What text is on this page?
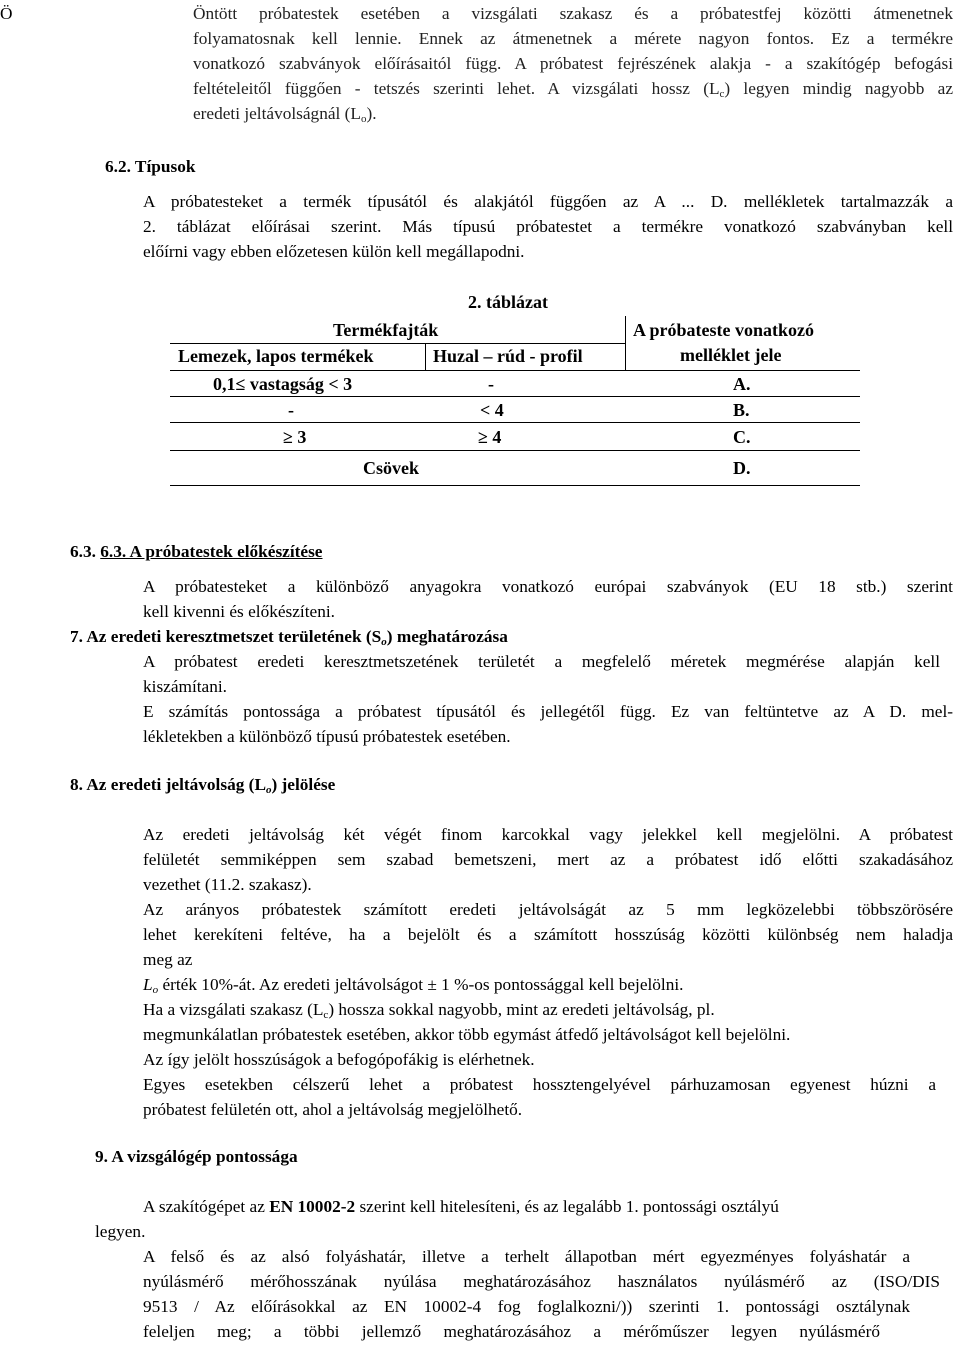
Ö	Öntött próbatestek esetében a vizsgálati szakasz és a próbatestfej közötti átmenetnek
folyamatosnak kell lennie. Ennek az átmenetnek a mérete nagyon fontos. Ez a termékre
vonatkozó szabványok előírásaitól függ. A próbatest fejrészének alakja - a szakítógép befogási
feltételeitől függően - tetszés szerinti lehet. A vizsgálati hossz $(L_c)$ legyen mindig nagyobb az
eredeti jeltávolságnál $(L_o)$.
6.2. Típusok
A próbatesteket a termék típusától és alakjától függően az A ... D. mellékletek tartalmazzák a
2. táblázat előírásai szerint. Más típusú próbatestet a termékre vonatkozó szabványban kell
előírni vagy ebben előzetesen külön kell megállapodni.
2. táblázat
Termékfajták	A próbateste vonatkozó
melléklet jele
Lemezek, lapos termékek	Huzal – rúd - profil
0,1≤ vastagság < 3	-	A.
-	< 4	B.
≥ 3	≥ 4	C.
Csövek	D.
6.3. 6.3. A próbatestek előkészítése
A próbatesteket a különböző anyagokra vonatkozó európai szabványok (EU 18 stb.) szerint
kell kivenni és előkészíteni.
7. Az eredeti keresztmetszet területének $(S_o)$ meghatározása
A próbatest eredeti keresztmetszetének területét a megfelelő méretek megmérése alapján kell
kiszámítani.
E számítás pontossága a próbatest típusától és jellegétől függ. Ez van feltüntetve az A D. mel-
lékletekben a különböző típusú próbatestek esetében.
8. Az eredeti jeltávolság $(L_o)$ jelölése
Az eredeti jeltávolság két végét finom karcokkal vagy jelekkel kell megjelölni. A próbatest
felületét semmiképpen sem szabad bemetszeni, mert az a próbatest idő előtti szakadásához
vezethet (11.2. szakasz).
Az arányos próbatestek számított eredeti jeltávolságát az 5 mm legközelebbi többszörösére
lehet kerekíteni feltéve, ha a bejelölt és a számított hosszúság közötti különbség nem haladja
meg az
$L_o$ érték 10%-át. Az eredeti jeltávolságot ± 1 %-os pontossággal kell bejelölni.
Ha a vizsgálati szakasz $(L_c)$ hossza sokkal nagyobb, mint az eredeti jeltávolság, pl.
megmunkálatlan próbatestek esetében, akkor több egymást átfedő jeltávolságot kell bejelölni.
Az így jelölt hosszúságok a befogópofákig is elérhetnek.
Egyes esetekben célszerű lehet a próbatest hossztengelyével párhuzamosan egyenest húzni a
próbatest felületén ott, ahol a jeltávolság megjelölhető.
9. A vizsgálógép pontossága
A szakítógépet az EN 10002-2 szerint kell hitelesíteni, és az legalább 1. pontossági osztályú
legyen.
A felső és az alsó folyáshatár, illetve a terhelt állapotban mért egyezményes folyáshatár a
nyúlásmérő mérőhosszának nyúlása meghatározásához használatos nyúlásmérő az (ISO/DIS
9513 / Az előírásokkal az EN 10002-4 fog foglalkozni/)) szerinti 1. pontossági osztálynak
feleljen meg; a többi jellemző meghatározásához a mérőműszer legyen nyúlásmérő
